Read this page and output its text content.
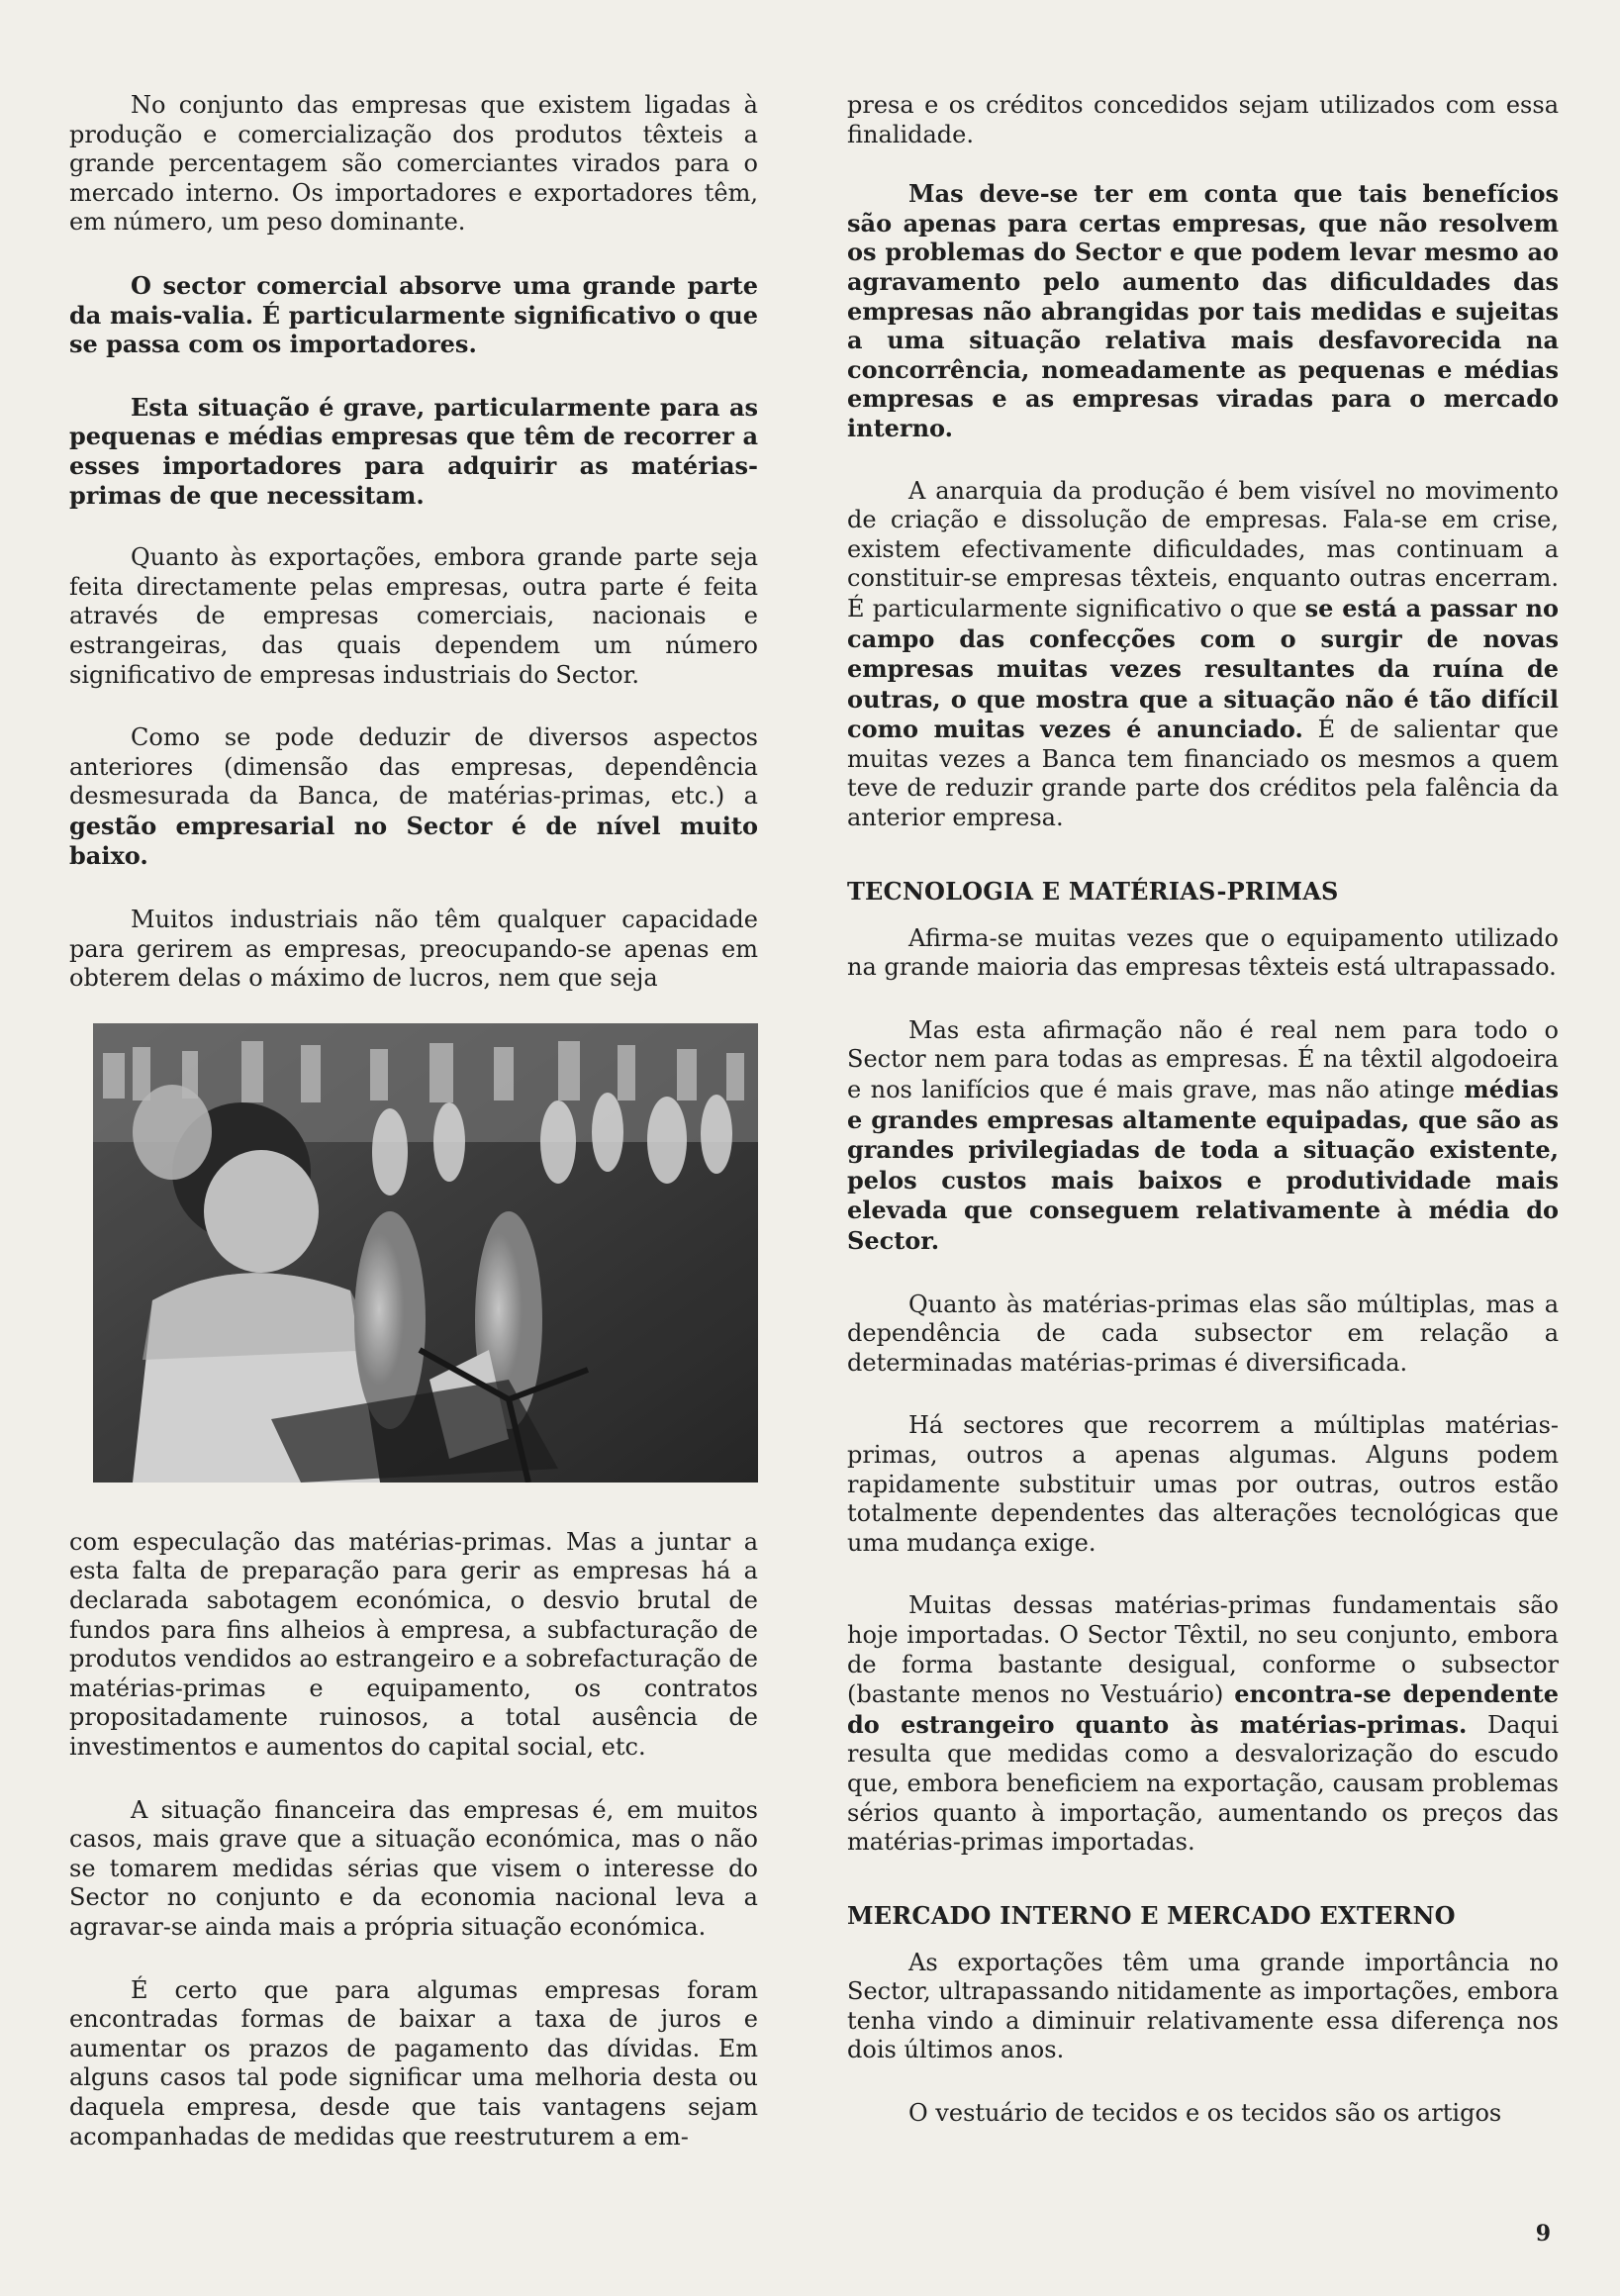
No conjunto das empresas que existem ligadas à produção e comercialização dos produtos têxteis a grande percentagem são comerciantes virados para o mercado interno. Os importadores e exportadores têm, em número, um peso dominante.

O sector comercial absorve uma grande parte da mais-valia. É particularmente significativo o que se passa com os importadores.

Esta situação é grave, particularmente para as pequenas e médias empresas que têm de recorrer a esses importadores para adquirir as matérias-primas de que necessitam.

Quanto às exportações, embora grande parte seja feita directamente pelas empresas, outra parte é feita através de empresas comerciais, nacionais e estrangeiras, das quais dependem um número significativo de empresas industriais do Sector.

Como se pode deduzir de diversos aspectos anteriores (dimensão das empresas, dependência desmesurada da Banca, de matérias-primas, etc.) a gestão empresarial no Sector é de nível muito baixo.

Muitos industriais não têm qualquer capacidade para gerirem as empresas, preocupando-se apenas em obterem delas o máximo de lucros, nem que seja

com especulação das matérias-primas. Mas a juntar a esta falta de preparação para gerir as empresas há a declarada sabotagem económica, o desvio brutal de fundos para fins alheios à empresa, a subfacturação de produtos vendidos ao estrangeiro e a sobrefacturação de matérias-primas e equipamento, os contratos propositadamente ruinosos, a total ausência de investimentos e aumentos do capital social, etc.

A situação financeira das empresas é, em muitos casos, mais grave que a situação económica, mas o não se tomarem medidas sérias que visem o interesse do Sector no conjunto e da economia nacional leva a agravar-se ainda mais a própria situação económica.

É certo que para algumas empresas foram encontradas formas de baixar a taxa de juros e aumentar os prazos de pagamento das dívidas. Em alguns casos tal pode significar uma melhoria desta ou daquela empresa, desde que tais vantagens sejam acompanhadas de medidas que reestruturem a em-

presa e os créditos concedidos sejam utilizados com essa finalidade.

Mas deve-se ter em conta que tais benefícios são apenas para certas empresas, que não resolvem os problemas do Sector e que podem levar mesmo ao agravamento pelo aumento das dificuldades das empresas não abrangidas por tais medidas e sujeitas a uma situação relativa mais desfavorecida na concorrência, nomeadamente as pequenas e médias empresas e as empresas viradas para o mercado interno.

A anarquia da produção é bem visível no movimento de criação e dissolução de empresas. Fala-se em crise, existem efectivamente dificuldades, mas continuam a constituir-se empresas têxteis, enquanto outras encerram. É particularmente significativo o que se está a passar no campo das confecções com o surgir de novas empresas muitas vezes resultantes da ruína de outras, o que mostra que a situação não é tão difícil como muitas vezes é anunciado. É de salientar que muitas vezes a Banca tem financiado os mesmos a quem teve de reduzir grande parte dos créditos pela falência da anterior empresa.

TECNOLOGIA E MATÉRIAS-PRIMAS

Afirma-se muitas vezes que o equipamento utilizado na grande maioria das empresas têxteis está ultrapassado.

Mas esta afirmação não é real nem para todo o Sector nem para todas as empresas. É na têxtil algodoeira e nos lanifícios que é mais grave, mas não atinge médias e grandes empresas altamente equipadas, que são as grandes privilegiadas de toda a situação existente, pelos custos mais baixos e produtividade mais elevada que conseguem relativamente à média do Sector.

Quanto às matérias-primas elas são múltiplas, mas a dependência de cada subsector em relação a determinadas matérias-primas é diversificada.

Há sectores que recorrem a múltiplas matérias-primas, outros a apenas algumas. Alguns podem rapidamente substituir umas por outras, outros estão totalmente dependentes das alterações tecnológicas que uma mudança exige.

Muitas dessas matérias-primas fundamentais são hoje importadas. O Sector Têxtil, no seu conjunto, embora de forma bastante desigual, conforme o subsector (bastante menos no Vestuário) encontra-se dependente do estrangeiro quanto às matérias-primas. Daqui resulta que medidas como a desvalorização do escudo que, embora beneficiem na exportação, causam problemas sérios quanto à importação, aumentando os preços das matérias-primas importadas.

MERCADO INTERNO E MERCADO EXTERNO

As exportações têm uma grande importância no Sector, ultrapassando nitidamente as importações, embora tenha vindo a diminuir relativamente essa diferença nos dois últimos anos.

O vestuário de tecidos e os tecidos são os artigos

9
